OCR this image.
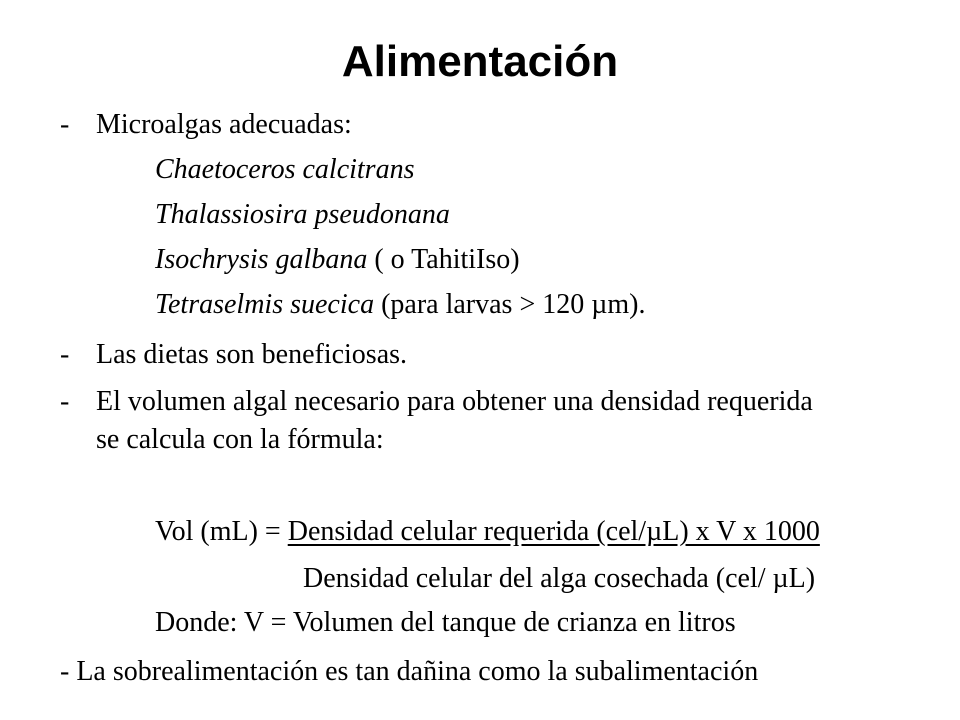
Alimentación
- Microalgas adecuadas:
Chaetoceros calcitrans
Thalassiosira pseudonana
Isochrysis galbana ( o TahitiIso)
Tetraselmis suecica (para larvas > 120 µm).
- Las dietas son beneficiosas.
- El volumen algal necesario para obtener una densidad requerida
se calcula con la fórmula:
Vol (mL) = Densidad celular requerida (cel/µL) x V x 1000
Densidad celular del alga cosechada (cel/ µL)
Donde: V = Volumen del tanque de crianza en litros
- La sobrealimentación es tan dañina como la subalimentación
